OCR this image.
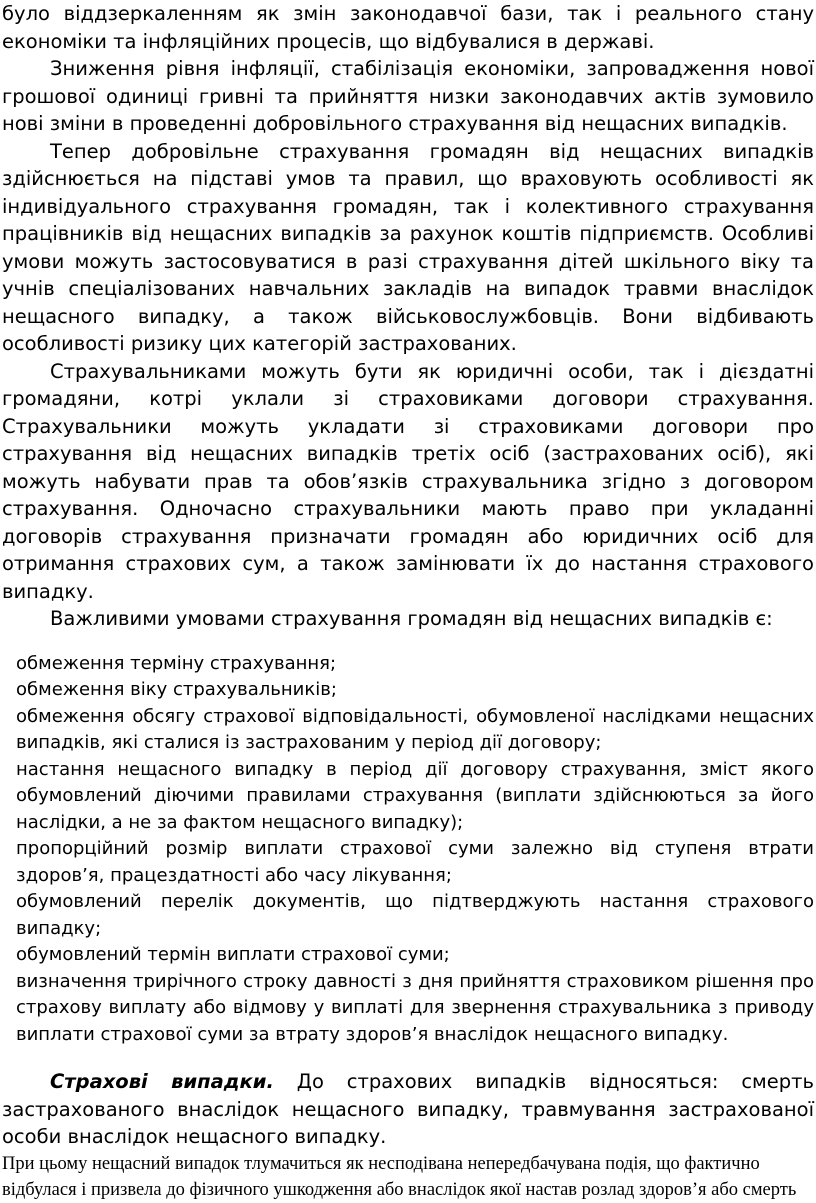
було віддзеркаленням як змін законодавчої бази, так і реального стану економіки та інфляційних процесів, що відбувалися в державі.

Зниження рівня інфляції, стабілізація економіки, запровадження нової грошової одиниці гривні та прийняття низки законодавчих актів зумовило нові зміни в проведенні добровільного страхування від нещасних випадків.

Тепер добровільне страхування громадян від нещасних випадків здійснюється на підставі умов та правил, що враховують особливості як індивідуального страхування громадян, так і колективного страхування працівників від нещасних випадків за рахунок коштів підприємств. Особливі умови можуть застосовуватися в разі страхування дітей шкільного віку та учнів спеціалізованих навчальних закладів на випадок травми внаслідок нещасного випадку, а також військовослужбовців. Вони відбивають особливості ризику цих категорій застрахованих.

Страхувальниками можуть бути як юридичні особи, так і дієздатні громадяни, котрі уклали зі страховиками договори страхування. Страхувальники можуть укладати зі страховиками договори про страхування від нещасних випадків третіх осіб (застрахованих осіб), які можуть набувати прав та обов’язків страхувальника згідно з договором страхування. Одночасно страхувальники мають право при укладанні договорів страхування призначати громадян або юридичних осіб для отримання страхових сум, а також замінювати їх до настання страхового випадку.

Важливими умовами страхування громадян від нещасних випадків є:

обмеження терміну страхування;
обмеження віку страхувальників;
обмеження обсягу страхової відповідальності, обумовленої наслідками нещасних випадків, які сталися із застрахованим у період дії договору;
настання нещасного випадку в період дії договору страхування, зміст якого обумовлений діючими правилами страхування (виплати здійснюються за його наслідки, а не за фактом нещасного випадку);
пропорційний розмір виплати страхової суми залежно від ступеня втрати здоров’я, працездатності або часу лікування;
обумовлений перелік документів, що підтверджують настання страхового випадку;
обумовлений термін виплати страхової суми;
визначення трирічного строку давності з дня прийняття страховиком рішення про страхову виплату або відмову у виплаті для звернення страхувальника з приводу виплати страхової суми за втрату здоров’я внаслідок нещасного випадку.

Страхові випадки. До страхових випадків відносяться: смерть застрахованого внаслідок нещасного випадку, травмування застрахованої особи внаслідок нещасного випадку.

При цьому нещасний випадок тлумачиться як несподівана непередбачувана подія, що фактично відбулася і призвела до фізичного ушкодження або внаслідок якої настав розлад здоров’я або смерть
